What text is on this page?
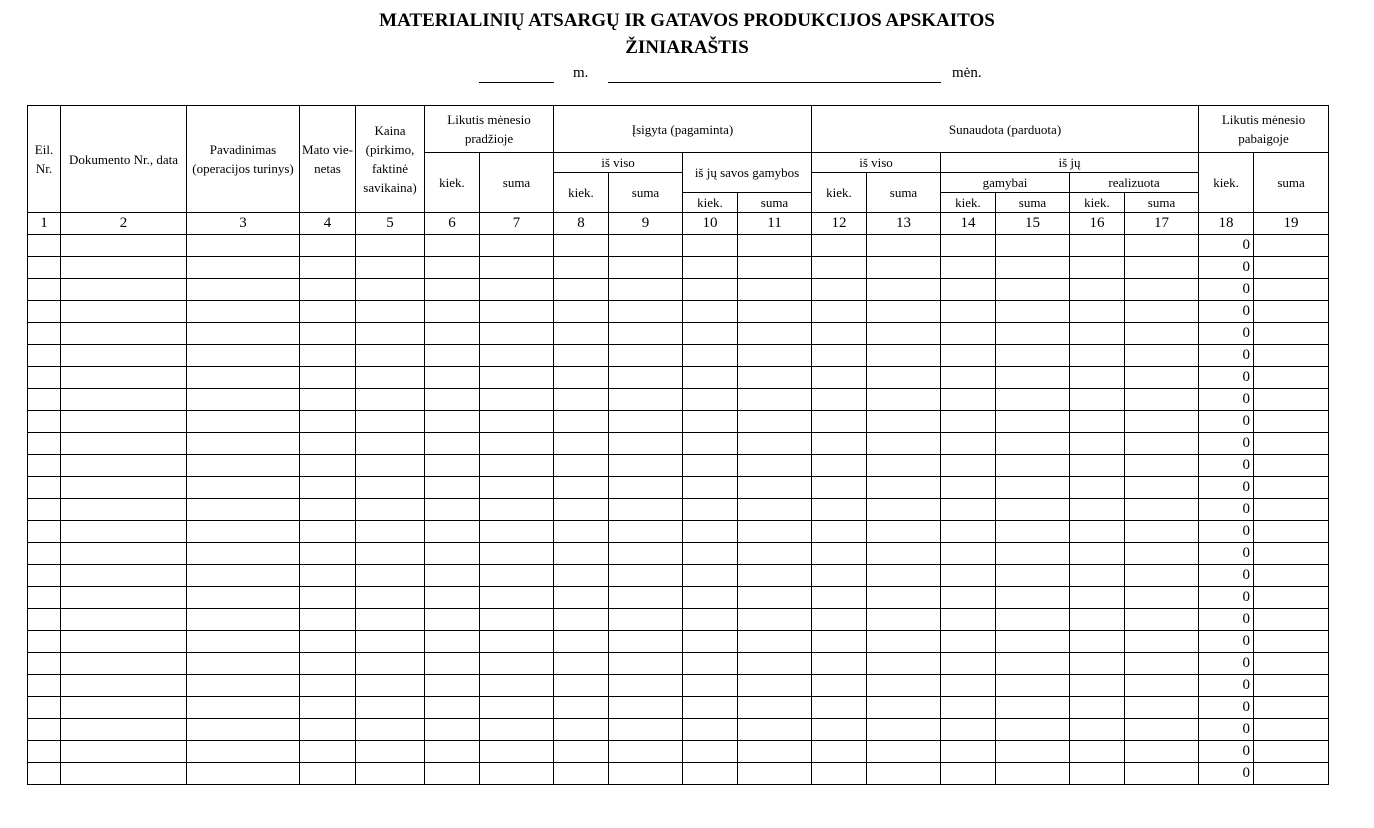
MATERIALINIŲ ATSARGŲ IR GATAVOS PRODUKCIJOS APSKAITOS
ŽINIARAŠTIS
m.	mėn.
Eil. Nr.	Dokumento Nr., data	Pavadinimas (operacijos turinys)	Mato vie- netas	Kaina (pirkimo, faktinė savikaina)	Likutis mėnesio pradžioje		Įsigyta (pagaminta)				Sunaudota (parduota)						Likutis mėnesio pabaigoje	
					kiek.	suma	iš viso		iš jų savos gamybos		iš viso		iš jų				kiek.	suma
							kiek.	suma			kiek.	suma	gamybai		realizuota			
									kiek.	suma			kiek.	suma	kiek.	suma		
1	2	3	4	5	6	7	8	9	10	11	12	13	14	15	16	17	18	19
																	0	
																	0	
																	0	
																	0	
																	0	
																	0	
																	0	
																	0	
																	0	
																	0	
																	0	
																	0	
																	0	
																	0	
																	0	
																	0	
																	0	
																	0	
																	0	
																	0	
																	0	
																	0	
																	0	
																	0	
																	0	
